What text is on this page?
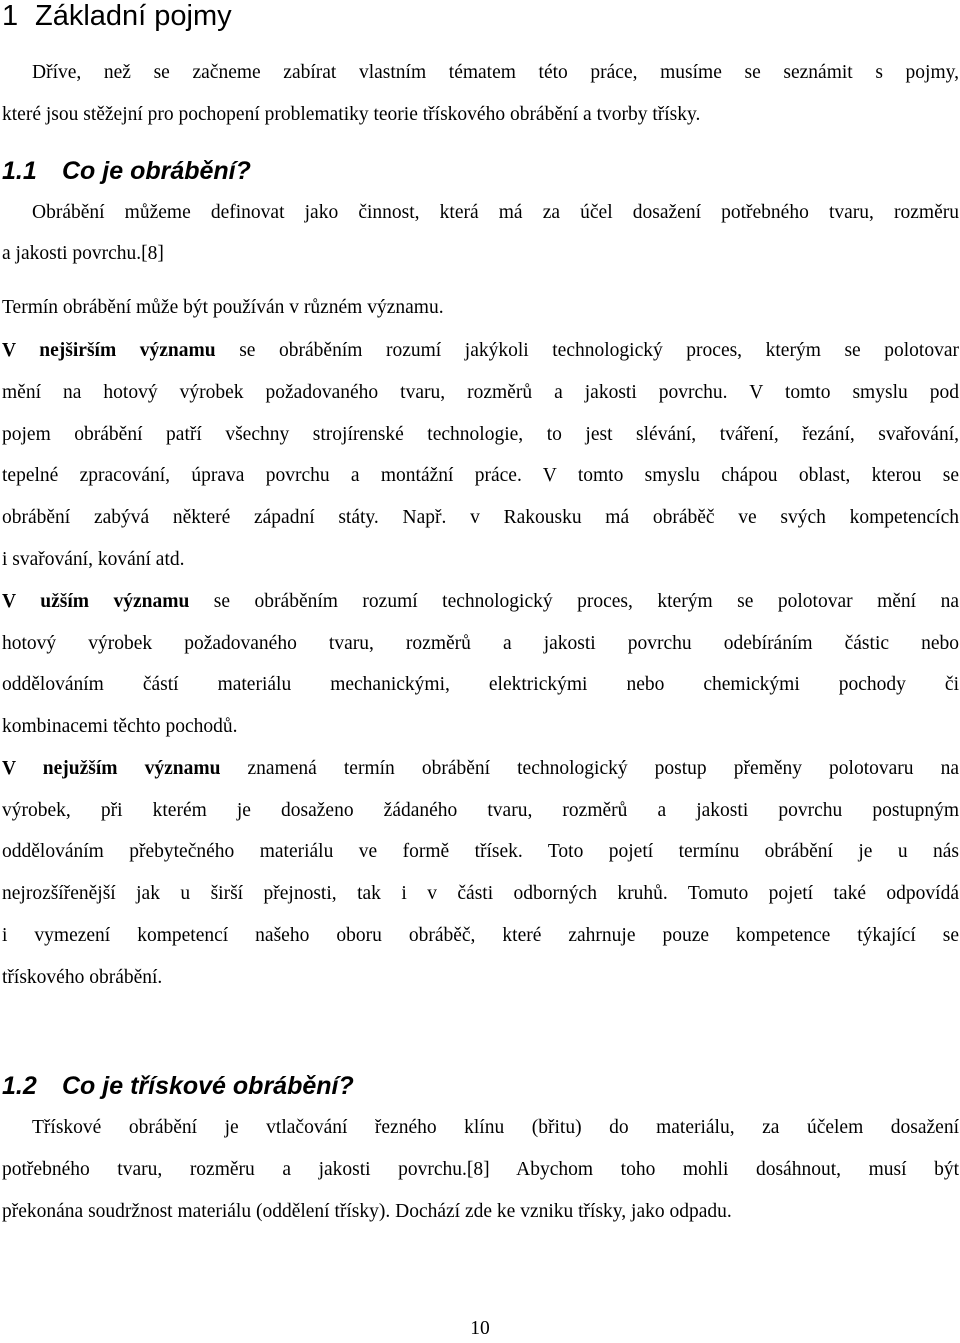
1 Základní pojmy

Dříve, než se začneme zabírat vlastním tématem této práce, musíme se seznámit s pojmy,

které jsou stěžejní pro pochopení problematiky teorie třískového obrábění a tvorby třísky.

1.1 Co je obrábění?

Obrábění můžeme definovat jako činnost, která má za účel dosažení potřebného tvaru, rozměru

a jakosti povrchu.[8]

Termín obrábění může být používán v různém významu.

V nejširším významu se obráběním rozumí jakýkoli technologický proces, kterým se polotovar

mění na hotový výrobek požadovaného tvaru, rozměrů a jakosti povrchu. V tomto smyslu pod

pojem obrábění patří všechny strojírenské technologie, to jest slévání, tváření, řezání, svařování,

tepelné zpracování, úprava povrchu a montážní práce. V tomto smyslu chápou oblast, kterou se

obrábění zabývá některé západní státy. Např. v Rakousku má obráběč ve svých kompetencích

i svařování, kování atd.

V užším významu se obráběním rozumí technologický proces, kterým se polotovar mění na

hotový výrobek požadovaného tvaru, rozměrů a jakosti povrchu odebíráním částic nebo

oddělováním částí materiálu mechanickými, elektrickými nebo chemickými pochody či

kombinacemi těchto pochodů.

V nejužším významu znamená termín obrábění technologický postup přeměny polotovaru na

výrobek, při kterém je dosaženo žádaného tvaru, rozměrů a jakosti povrchu postupným

oddělováním přebytečného materiálu ve formě třísek. Toto pojetí termínu obrábění je u nás

nejrozšířenější jak u širší přejnosti, tak i v části odborných kruhů. Tomuto pojetí také odpovídá

i vymezení kompetencí našeho oboru obráběč, které zahrnuje pouze kompetence týkající se

třískového obrábění.

1.2 Co je třískové obrábění?

Třískové obrábění je vtlačování řezného klínu (břitu) do materiálu, za účelem dosažení

potřebného tvaru, rozměru a jakosti povrchu.[8] Abychom toho mohli dosáhnout, musí být

překonána soudržnost materiálu (oddělení třísky). Dochází zde ke vzniku třísky, jako odpadu.

10
